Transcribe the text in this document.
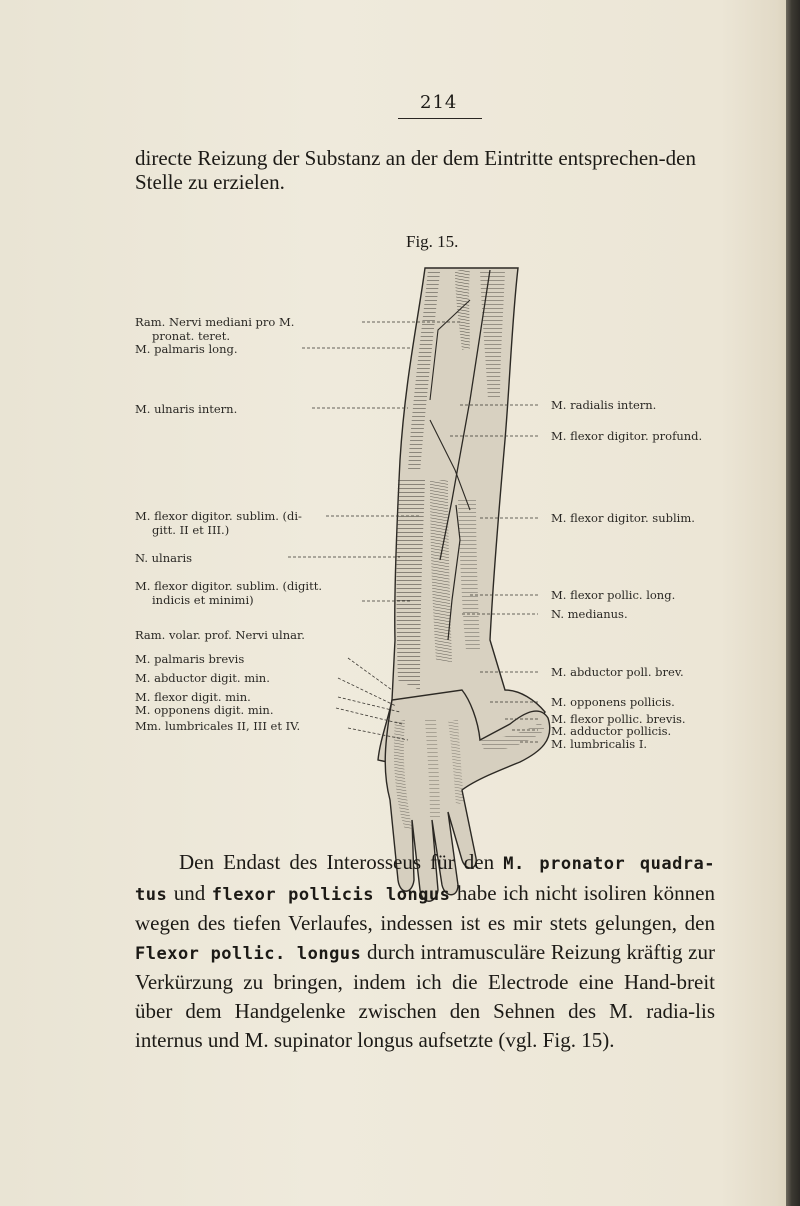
214

directe Reizung der Substanz an der dem Eintritte entsprechen-den Stelle zu erzielen.

Fig. 15.
Ram. Nervi mediani pro M.
pronat. teret.
M. palmaris long.
M. ulnaris intern.
M. flexor digitor. sublim. (di-
gitt. II et III.)
N. ulnaris
M. flexor digitor. sublim. (digitt.
indicis et minimi)
Ram. volar. prof. Nervi ulnar.
M. palmaris brevis
M. abductor digit. min.
M. flexor digit. min.
M. opponens digit. min.
Mm. lumbricales II, III et IV.
M. radialis intern.
M. flexor digitor. profund.
M. flexor digitor. sublim.
M. flexor pollic. long.
N. medianus.
M. abductor poll. brev.
M. opponens pollicis.
M. flexor pollic. brevis.
M. adductor pollicis.
M. lumbricalis I.

Den Endast des Interosseus für den M. pronator quadra-tus und flexor pollicis longus habe ich nicht isoliren können wegen des tiefen Verlaufes, indessen ist es mir stets gelungen, den Flexor pollic. longus durch intramusculäre Reizung kräftig zur Verkürzung zu bringen, indem ich die Electrode eine Hand-breit über dem Handgelenke zwischen den Sehnen des M. radia-lis internus und M. supinator longus aufsetzte (vgl. Fig. 15).
